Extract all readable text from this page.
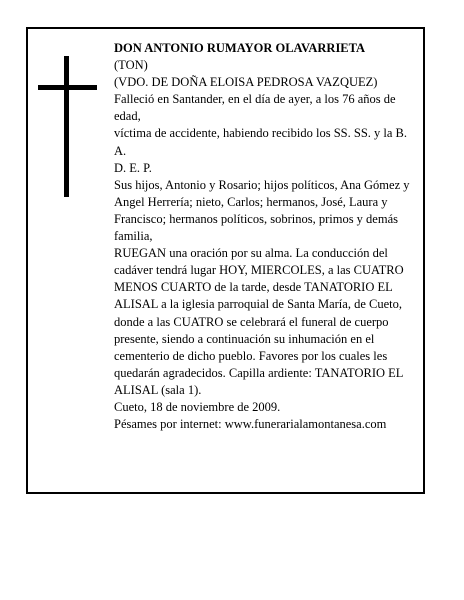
DON ANTONIO RUMAYOR OLAVARRIETA

(TON)

(VDO. DE DOÑA ELOISA PEDROSA VAZQUEZ)

Falleció en Santander, en el día de ayer, a los 76 años de edad,

víctima de accidente, habiendo recibido los SS. SS. y la B. A.

D. E. P.

Sus hijos, Antonio y Rosario; hijos políticos, Ana Gómez y Angel Herrería; nieto, Carlos; hermanos, José, Laura y Francisco; hermanos políticos, sobrinos, primos y demás familia,

RUEGAN una oración por su alma. La conducción del cadáver tendrá lugar HOY, MIERCOLES, a las CUATRO MENOS CUARTO de la tarde, desde TANATORIO EL ALISAL a la iglesia parroquial de Santa María, de Cueto, donde a las CUATRO se celebrará el funeral de cuerpo presente, siendo a continuación su inhumación en el cementerio de dicho pueblo. Favores por los cuales les quedarán agradecidos. Capilla ardiente: TANATORIO EL ALISAL (sala 1).

Cueto, 18 de noviembre de 2009.

Pésames por internet: www.funerarialamontanesa.com
